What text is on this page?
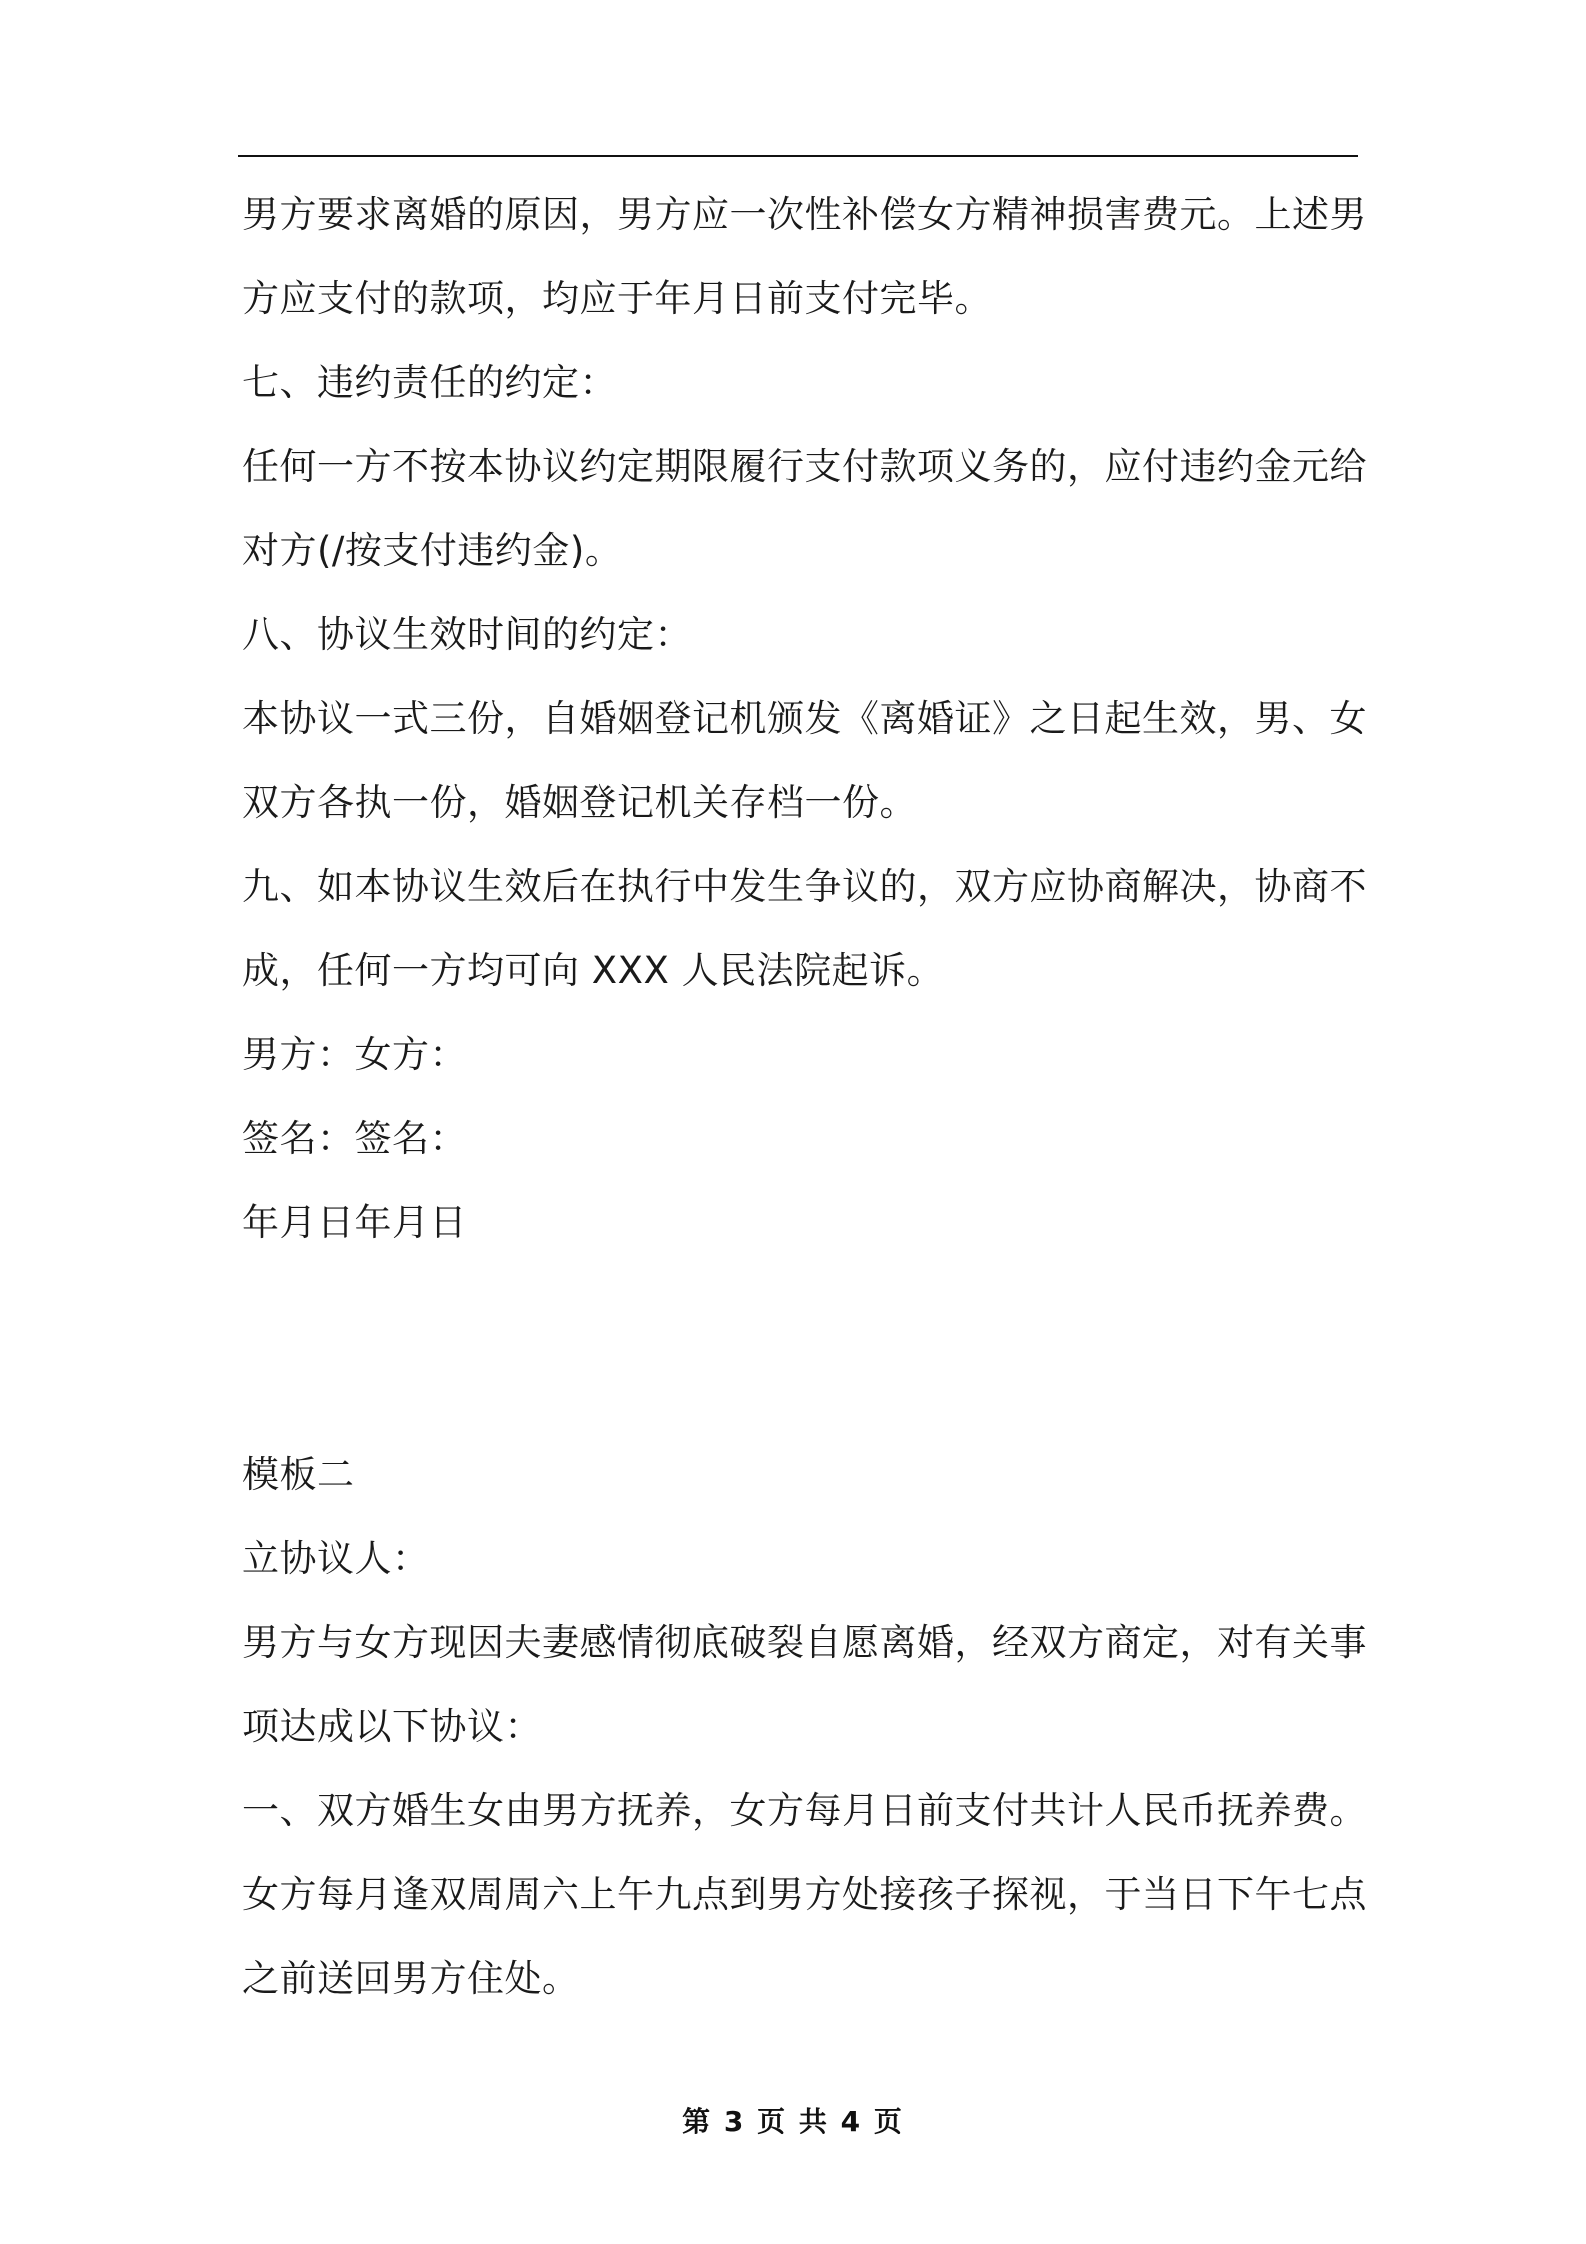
男方要求离婚的原因，男方应一次性补偿女方精神损害费元。上述男
方应支付的款项，均应于年月日前支付完毕。
七、违约责任的约定：
任何一方不按本协议约定期限履行支付款项义务的，应付违约金元给
对方(/按支付违约金)。
八、协议生效时间的约定：
本协议一式三份，自婚姻登记机颁发《离婚证》之日起生效，男、女
双方各执一份，婚姻登记机关存档一份。
九、如本协议生效后在执行中发生争议的，双方应协商解决，协商不
成，任何一方均可向 XXX 人民法院起诉。
男方：女方：
签名：签名：
年月日年月日
模板二
立协议人：
男方与女方现因夫妻感情彻底破裂自愿离婚，经双方商定，对有关事
项达成以下协议：
一、双方婚生女由男方抚养，女方每月日前支付共计人民币抚养费。
女方每月逢双周周六上午九点到男方处接孩子探视，于当日下午七点
之前送回男方住处。
第 3 页 共 4 页
